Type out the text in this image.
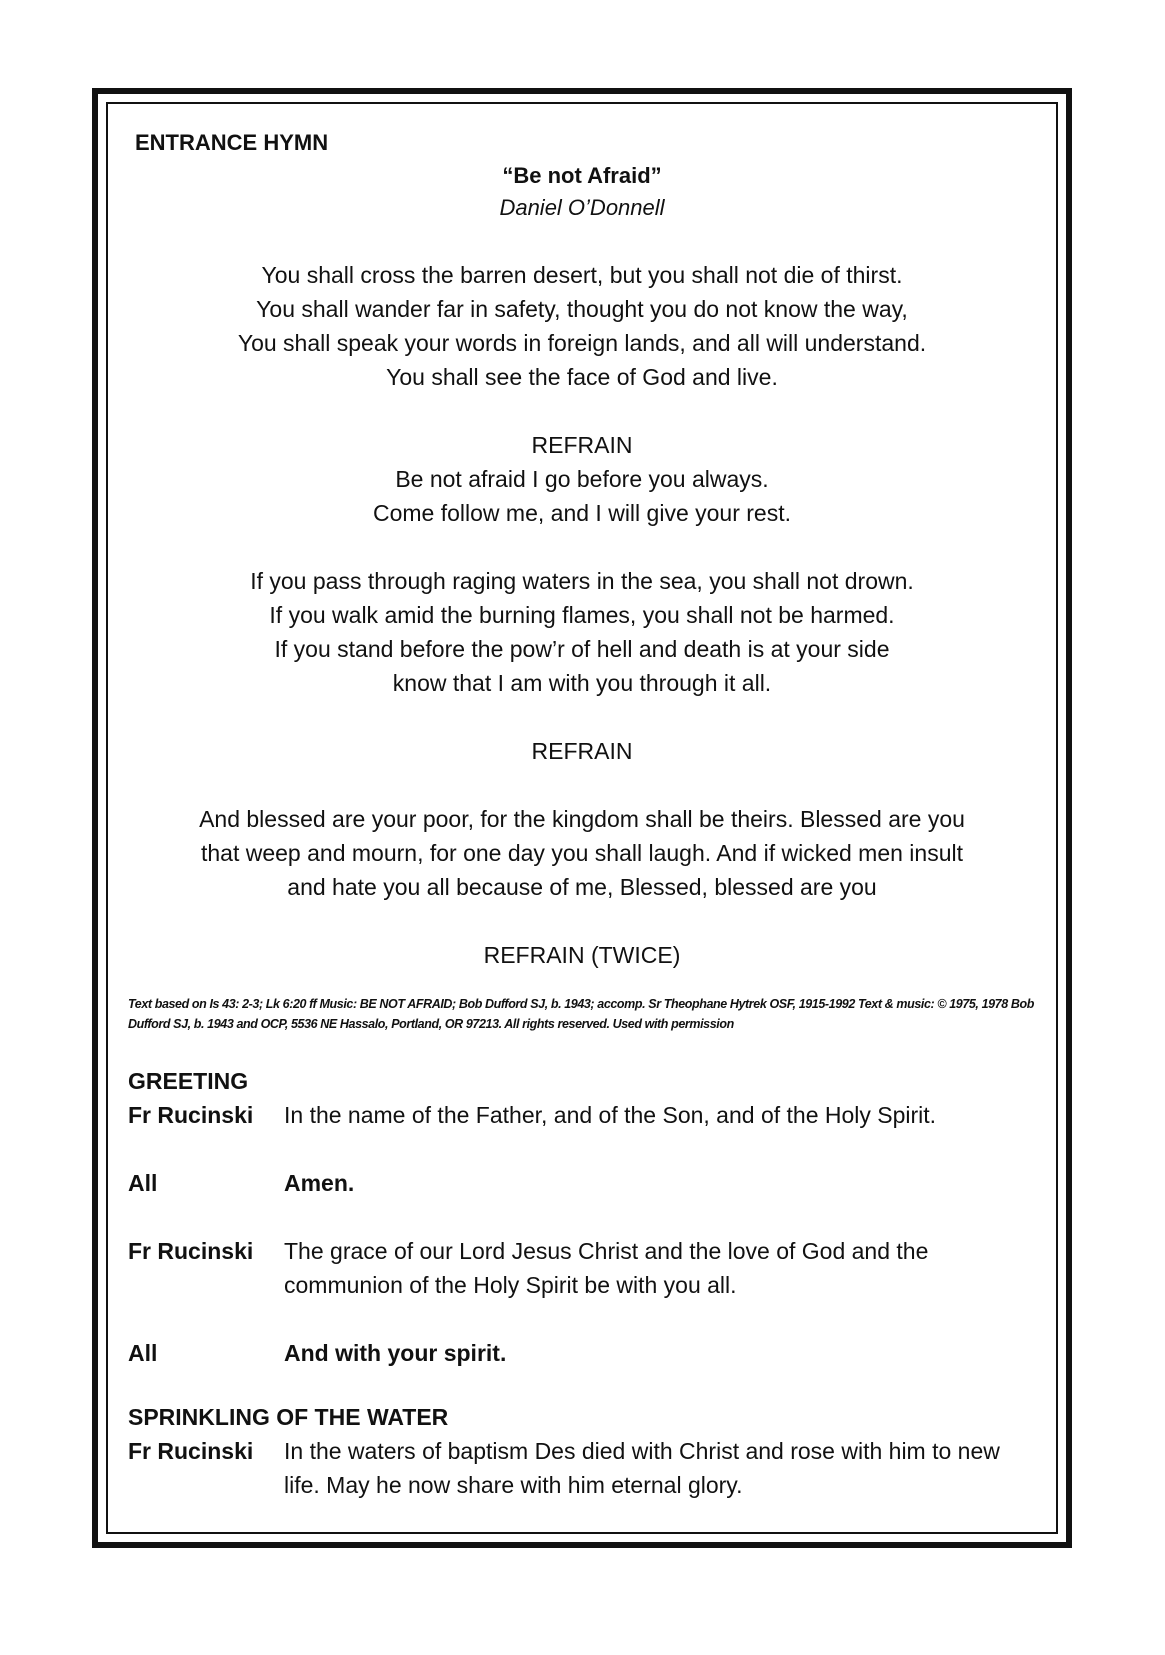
ENTRANCE HYMN
“Be not Afraid”
Daniel O’Donnell
You shall cross the barren desert, but you shall not die of thirst.
You shall wander far in safety, thought you do not know the way,
You shall speak your words in foreign lands, and all will understand.
You shall see the face of God and live.
REFRAIN
Be not afraid I go before you always.
Come follow me, and I will give your rest.
If you pass through raging waters in the sea, you shall not drown.
If you walk amid the burning flames, you shall not be harmed.
If you stand before the pow’r of hell and death is at your side
know that I am with you through it all.
REFRAIN
And blessed are your poor, for the kingdom shall be theirs. Blessed are you
that weep and mourn, for one day you shall laugh. And if wicked men insult
and hate you all because of me, Blessed, blessed are you
REFRAIN (TWICE)
Text based on Is 43: 2-3; Lk 6:20 ff Music: BE NOT AFRAID; Bob Dufford SJ, b. 1943; accomp. Sr Theophane Hytrek OSF, 1915-1992 Text & music: © 1975, 1978 Bob Dufford SJ, b. 1943 and OCP, 5536 NE Hassalo, Portland, OR 97213. All rights reserved. Used with permission
GREETING
Fr Rucinski	In the name of the Father, and of the Son, and of the Holy Spirit.
All	Amen.
Fr Rucinski	The grace of our Lord Jesus Christ and the love of God and the communion of the Holy Spirit be with you all.
All	And with your spirit.
SPRINKLING OF THE WATER
Fr Rucinski	In the waters of baptism Des died with Christ and rose with him to new life. May he now share with him eternal glory.
